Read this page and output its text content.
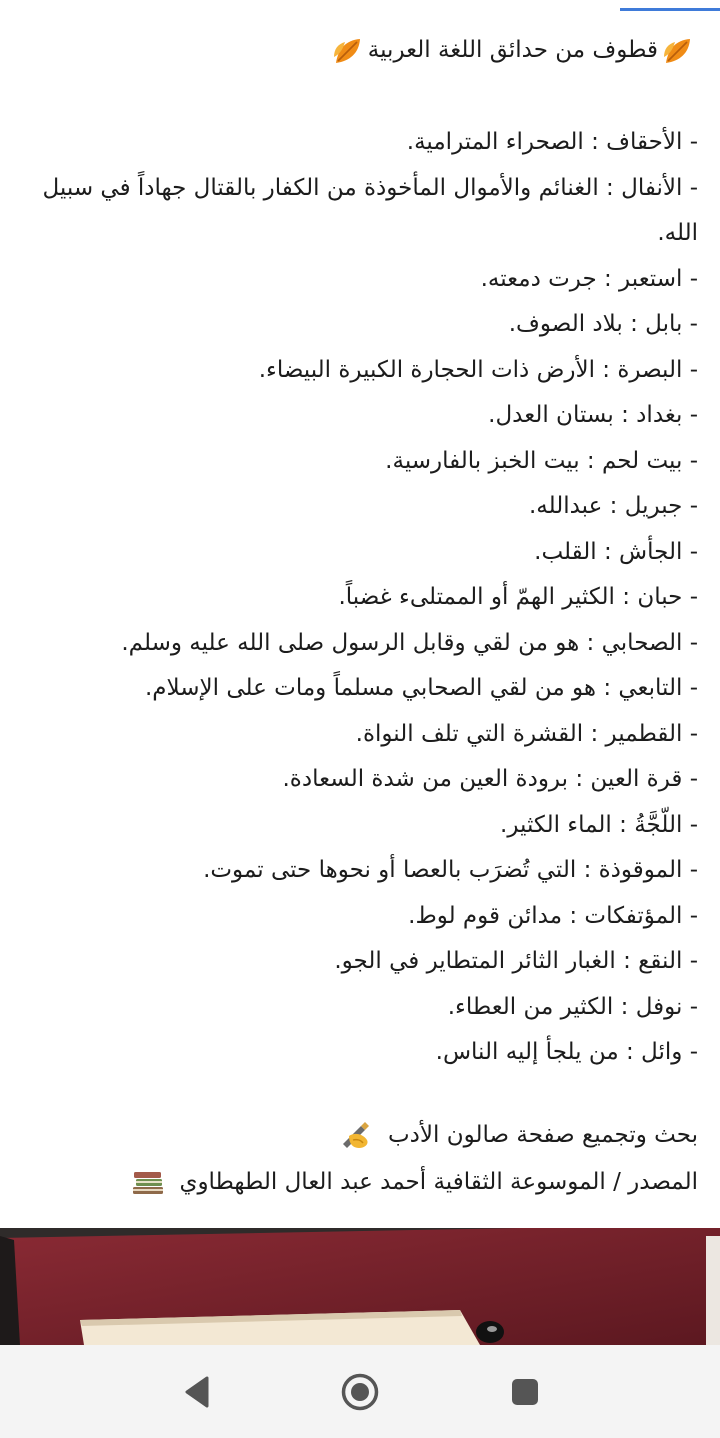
قطوف من حدائق اللغة العربية
- الأحقاف : الصحراء المترامية.
- الأنفال : الغنائم والأموال المأخوذة من الكفار بالقتال جهاداً في سبيل الله.
- استعبر : جرت دمعته.
- بابل : بلاد الصوف.
- البصرة : الأرض ذات الحجارة الكبيرة البيضاء.
- بغداد : بستان العدل.
- بيت لحم : بيت الخبز بالفارسية.
- جبريل : عبدالله.
- الجأش : القلب.
- حبان : الكثير الهمّ أو الممتلىء غضباً.
- الصحابي : هو من لقي وقابل الرسول صلى الله عليه وسلم.
- التابعي : هو من لقي الصحابي مسلماً ومات على الإسلام.
- القطمير : القشرة التي تلف النواة.
- قرة العين : برودة العين من شدة السعادة.
- اللّجَّةُ : الماء الكثير.
- الموقوذة : التي تُضرَب بالعصا أو نحوها حتى تموت.
- المؤتفكات : مدائن قوم لوط.
- النقع : الغبار الثائر المتطاير في الجو.
- نوفل : الكثير من العطاء.
- وائل : من يلجأ إليه الناس.
بحث وتجميع صفحة صالون الأدب
المصدر / الموسوعة الثقافية أحمد عبد العال الطهطاوي
